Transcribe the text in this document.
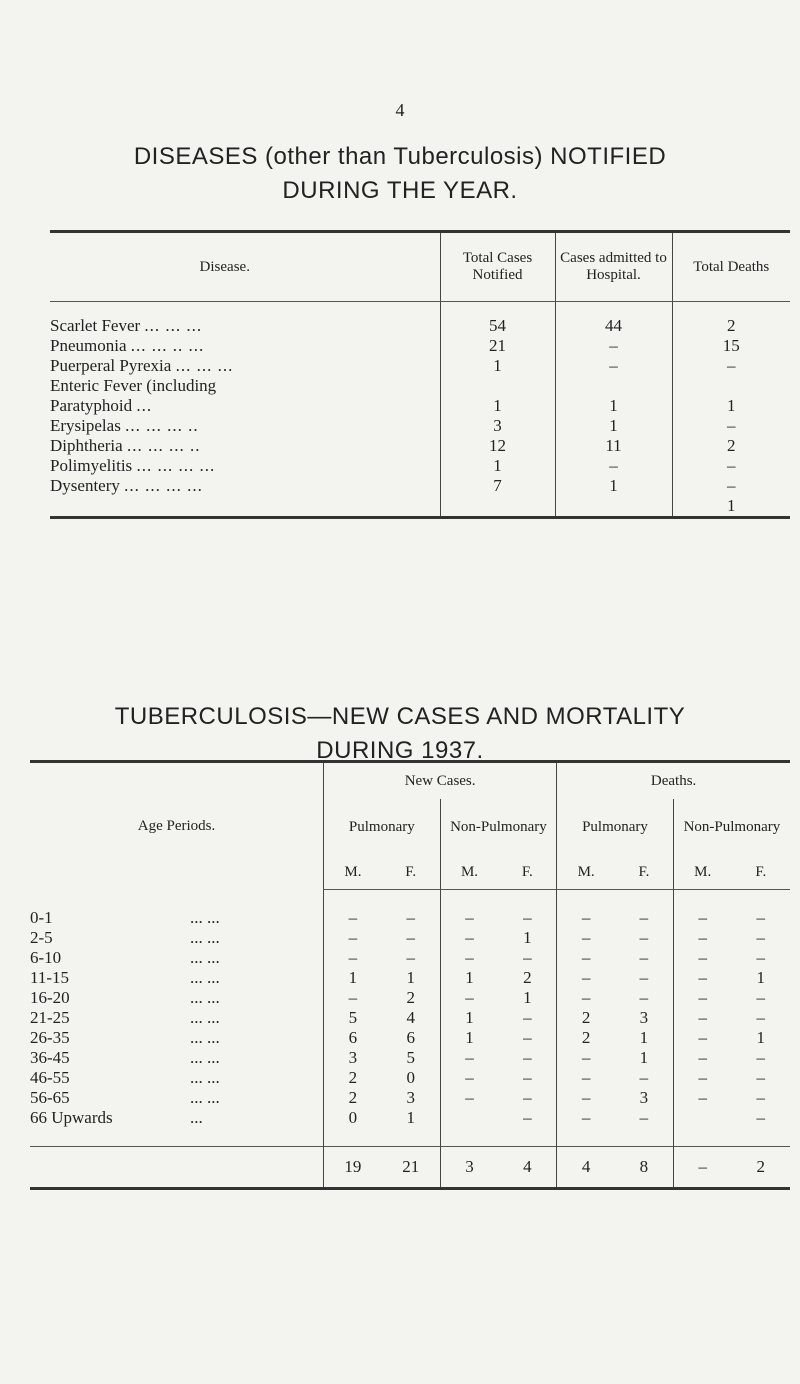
4
DISEASES (other than Tuberculosis) NOTIFIED
DURING THE YEAR.
Disease.	Total Cases Notified	Cases admitted to Hospital.	Total Deaths

Scarlet Fever ... ... ...	54	44	2
Pneumonia ... ... .. ...	21	–	15
Puerperal Pyrexia ... ... ...	1	–	–
Enteric Fever (including			
Paratyphoid ...	1	1	1
Erysipelas ... ... ... ..	3	1	–
Diphtheria ... ... ... ..	12	11	2
Polimyelitis ... ... ... ...	1	–	–
Dysentery ... ... ... ...	7	1	–
			1
TUBERCULOSIS—NEW CASES AND MORTALITY
DURING 1937.
Age Periods.	New Cases.				Deaths.			
	Pulmonary		Non-Pulmonary		Pulmonary		Non-Pulmonary	
	M.	F.	M.	F.	M.	F.	M.	F.

0-1 ... ...	–	–	–	–	–	–	–	–
2-5 ... ...	–	–	–	1	–	–	–	–
6-10 ... ...	–	–	–	–	–	–	–	–
11-15 ... ...	1	1	1	2	–	–	–	1
16-20 ... ...	–	2	–	1	–	–	–	–
21-25 ... ...	5	4	1	–	2	3	–	–
26-35 ... ...	6	6	1	–	2	1	–	1
36-45 ... ...	3	5	–	–	–	1	–	–
46-55 ... ...	2	0	–	–	–	–	–	–
56-65 ... ...	2	3	–	–	–	3	–	–
66 Upwards ...	0	1		–	–	–		–

	19	21	3	4	4	8	–	2
